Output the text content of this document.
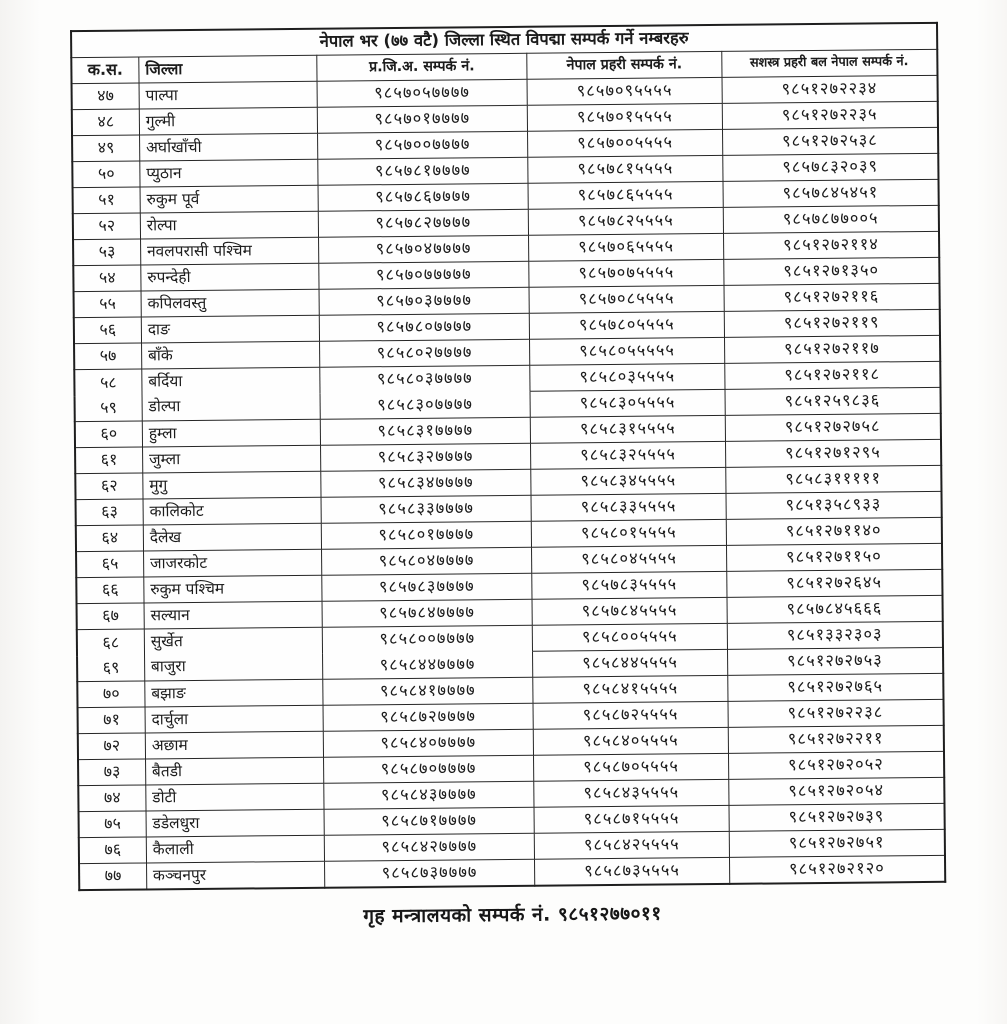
नेपाल भर (७७ वटै) जिल्ला स्थित विपद्मा सम्पर्क गर्ने नम्बरहरु				
क.स.	जिल्ला	प्र.जि.अ. सम्पर्क नं.	नेपाल प्रहरी सम्पर्क नं.	सशस्त्र प्रहरी बल नेपाल सम्पर्क नं.
४७	पाल्पा	९८५७०५७७७७	९८५७०९५५५५	९८५१२७२२३४
४८	गुल्मी	९८५७०१७७७७	९८५७०१५५५५	९८५१२७२२३५
४९	अर्घाखाँची	९८५७००७७७७	९८५७००५५५५	९८५१२७२५३८
५०	प्युठान	९८५७८१७७७७	९८५७८१५५५५	९८५७८३२०३९
५१	रुकुम पूर्व	९८५७८६७७७७	९८५७८६५५५५	९८५७८४५४५१
५२	रोल्पा	९८५७८२७७७७	९८५७८२५५५५	९८५७८७७००५
५३	नवलपरासी पश्चिम	९८५७०४७७७७	९८५७०६५५५५	९८५१२७२११४
५४	रुपन्देही	९८५७०७७७७७	९८५७०७५५५५	९८५१२७१३५०
५५	कपिलवस्तु	९८५७०३७७७७	९८५७०८५५५५	९८५१२७२११६
५६	दाङ	९८५७८०७७७७	९८५७८०५५५५	९८५१२७२११९
५७	बाँके	९८५८०२७७७७	९८५८०५५५५५	९८५१२७२११७
५८	बर्दिया	९८५८०३७७७७	९८५८०३५५५५	९८५१२७२११८
५९	डोल्पा	९८५८३०७७७७	९८५८३०५५५५	९८५१२५९८३६
६०	हुम्ला	९८५८३१७७७७	९८५८३१५५५५	९८५१२७२७५८
६१	जुम्ला	९८५८३२७७७७	९८५८३२५५५५	९८५१२७१२९५
६२	मुगु	९८५८३४७७७७	९८५८३४५५५५	९८५८३१११११
६३	कालिकोट	९८५८३३७७७७	९८५८३३५५५५	९८५१३५८९३३
६४	दैलेख	९८५८०१७७७७	९८५८०१५५५५	९८५१२७११४०
६५	जाजरकोट	९८५८०४७७७७	९८५८०४५५५५	९८५१२७११५०
६६	रुकुम पश्चिम	९८५७८३७७७७	९८५७८३५५५५	९८५१२७२६४५
६७	सल्यान	९८५७८४७७७७	९८५७८४५५५५	९८५७८४५६६६
६८	सुर्खेत	९८५८००७७७७	९८५८००५५५५	९८५१३३२३०३
६९	बाजुरा	९८५८४४७७७७	९८५८४४५५५५	९८५१२७२७५३
७०	बझाङ	९८५८४१७७७७	९८५८४१५५५५	९८५१२७२७६५
७१	दार्चुला	९८५८७२७७७७	९८५८७२५५५५	९८५१२७२२३८
७२	अछाम	९८५८४०७७७७	९८५८४०५५५५	९८५१२७२२११
७३	बैतडी	९८५८७०७७७७	९८५८७०५५५५	९८५१२७२०५२
७४	डोटी	९८५८४३७७७७	९८५८४३५५५५	९८५१२७२०५४
७५	डडेलधुरा	९८५८७१७७७७	९८५८७१५५५५	९८५१२७२७३९
७६	कैलाली	९८५८४२७७७७	९८५८४२५५५५	९८५१२७२७५१
७७	कञ्चनपुर	९८५८७३७७७७	९८५८७३५५५५	९८५१२७२१२०
गृह मन्त्रालयको सम्पर्क नं. ९८५१२७७०११
